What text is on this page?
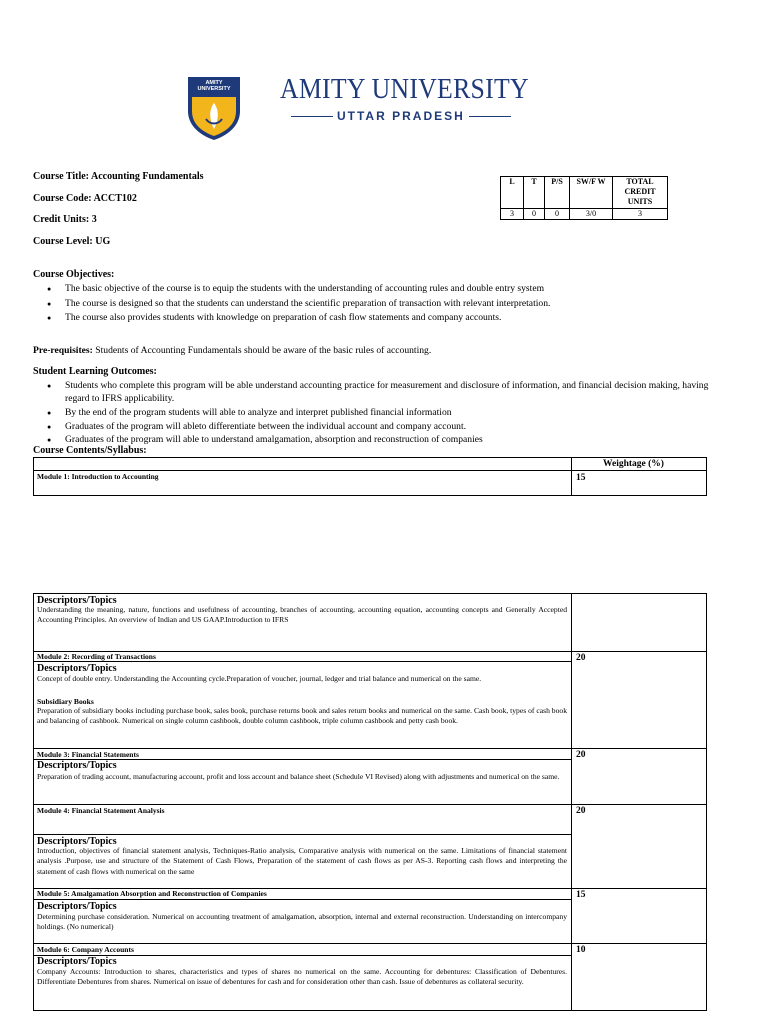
AMITY UNIVERSITY AMITY UNIVERSITY
UTTAR PRADESH
Course Title: Accounting Fundamentals
Course Code: ACCT102
Credit Units: 3
Course Level: UG
L	T	P/S	SW/F W	TOTAL CREDIT UNITS
3	0	0	3/0	3
Course Objectives:
● The basic objective of the course is to equip the students with the understanding of accounting rules and double entry system
● The course is designed so that the students can understand the scientific preparation of transaction with relevant interpretation.
● The course also provides students with knowledge on preparation of cash flow statements and company accounts.
Pre-requisites: Students of Accounting Fundamentals should be aware of the basic rules of accounting.
Student Learning Outcomes:
● Students who complete this program will be able understand accounting practice for measurement and disclosure of information, and financial decision making, having regard to IFRS applicability.
● By the end of the program students will able to analyze and interpret published financial information
● Graduates of the program will ableto differentiate between the individual account and company account.
● Graduates of the program will able to understand amalgamation, absorption and reconstruction of companies
Course Contents/Syllabus:
Weightage (%)
Module 1: Introduction to Accounting	15
Descriptors/Topics
Understanding the meaning, nature, functions and usefulness of accounting, branches of accounting, accounting equation, accounting concepts and Generally Accepted Accounting Principles. An overview of Indian and US GAAP.Introduction to IFRS
Module 2: Recording of Transactions	20
Descriptors/Topics
Concept of double entry. Understanding the Accounting cycle.Preparation of voucher, journal, ledger and trial balance and numerical on the same.
Subsidiary Books
Preparation of subsidiary books including purchase book, sales book, purchase returns book and sales return books and numerical on the same. Cash book, types of cash book and balancing of cashbook. Numerical on single column cashbook, double column cashbook, triple column cashbook and petty cash book.
Module 3: Financial Statements	20
Descriptors/Topics
Preparation of trading account, manufacturing account, profit and loss account and balance sheet (Schedule VI Revised) along with adjustments and numerical on the same.
Module 4: Financial Statement Analysis	20
Descriptors/Topics
Introduction, objectives of financial statement analysis, Techniques-Ratio analysis, Comparative analysis with numerical on the same. Limitations of financial statement analysis .Purpose, use and structure of the Statement of Cash Flows, Preparation of the statement of cash flows as per AS-3. Reporting cash flows and interpreting the statement of cash flows with numerical on the same
Module 5: Amalgamation Absorption and Reconstruction of Companies	15
Descriptors/Topics
Determining purchase consideration. Numerical on accounting treatment of amalgamation, absorption, internal and external reconstruction. Understanding on intercompany holdings. (No numerical)
Module 6: Company Accounts	10
Descriptors/Topics
Company Accounts: Introduction to shares, characteristics and types of shares no numerical on the same. Accounting for debentures: Classification of Debentures. Differentiate Debentures from shares. Numerical on issue of debentures for cash and for consideration other than cash. Issue of debentures as collateral security.
